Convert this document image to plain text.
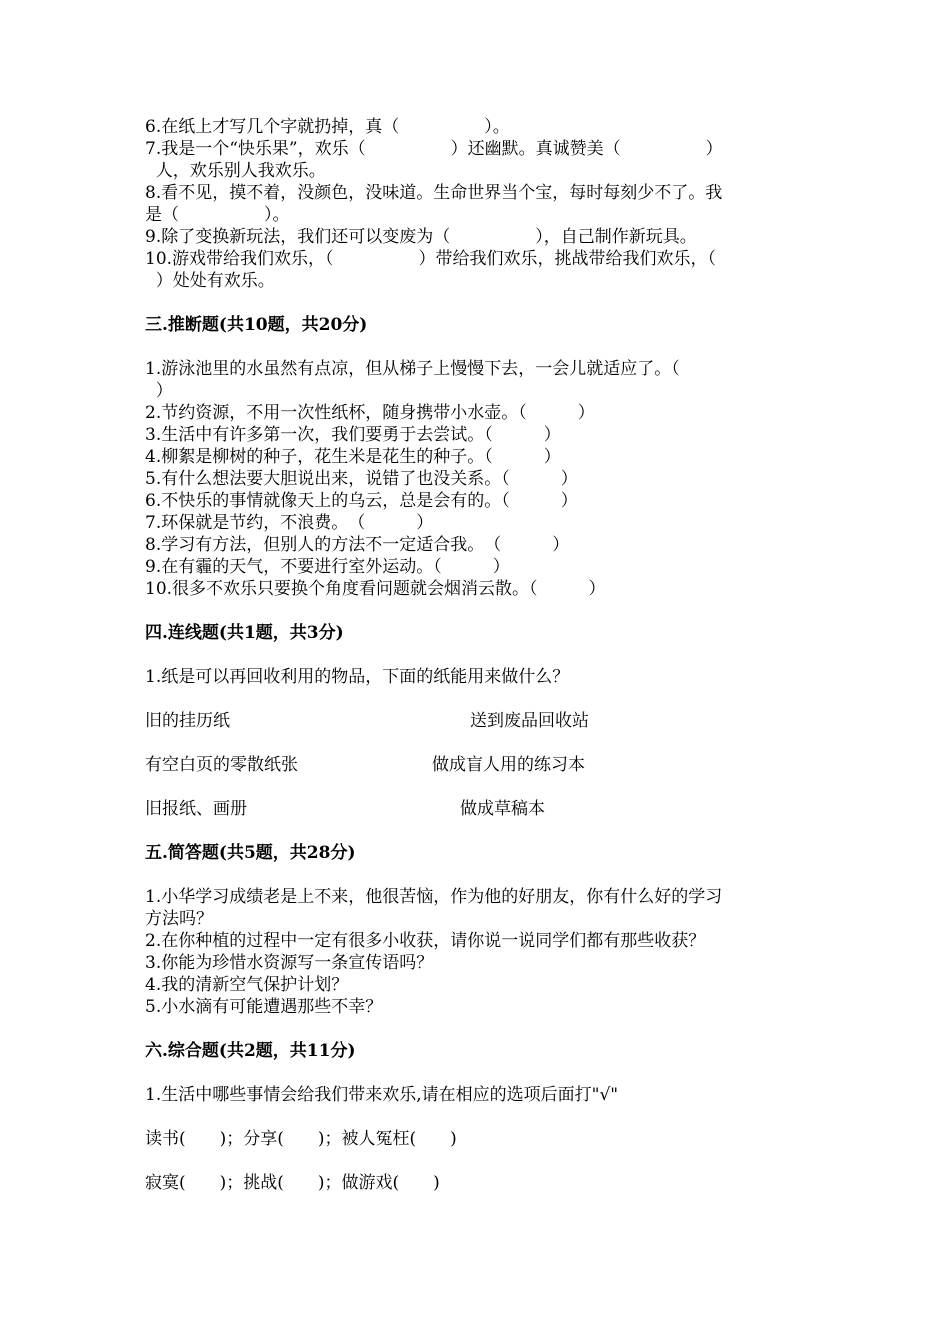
6.在纸上才写几个字就扔掉，真（　　　　　）。
7.我是一个“快乐果”，欢乐（　　　　　）还幽默。真诚赞美（　　　　　）
人，欢乐别人我欢乐。
8.看不见，摸不着，没颜色，没味道。生命世界当个宝，每时每刻少不了。我
是（　　　　　）。
9.除了变换新玩法，我们还可以变废为（　　　　　），自己制作新玩具。
10.游戏带给我们欢乐，（　　　　　）带给我们欢乐，挑战带给我们欢乐，（
）处处有欢乐。
三.推断题(共10题，共20分)
1.游泳池里的水虽然有点凉，但从梯子上慢慢下去，一会儿就适应了。（
）
2.节约资源，不用一次性纸杯，随身携带小水壶。（　　　）
3.生活中有许多第一次，我们要勇于去尝试。（　　　）
4.柳絮是柳树的种子，花生米是花生的种子。（　　　）
5.有什么想法要大胆说出来，说错了也没关系。（　　　）
6.不快乐的事情就像天上的乌云，总是会有的。（　　　）
7.环保就是节约，不浪费。　（　　　）
8.学习有方法，但别人的方法不一定适合我。　（　　　）
9.在有霾的天气，不要进行室外运动。（　　　）
10.很多不欢乐只要换个角度看问题就会烟消云散。（　　　）
四.连线题(共1题，共3分)
1.纸是可以再回收利用的物品，下面的纸能用来做什么？
旧的挂历纸	送到废品回收站
有空白页的零散纸张	做成盲人用的练习本
旧报纸、画册	做成草稿本
五.简答题(共5题，共28分)
1.小华学习成绩老是上不来，他很苦恼，作为他的好朋友，你有什么好的学习
方法吗？
2.在你种植的过程中一定有很多小收获，请你说一说同学们都有那些收获？
3.你能为珍惜水资源写一条宣传语吗？
4.我的清新空气保护计划？
5.小水滴有可能遭遇那些不幸？
六.综合题(共2题，共11分)
1.生活中哪些事情会给我们带来欢乐,请在相应的选项后面打"√"
读书(　　)；分享(　　)；被人冤枉(　　)
寂寞(　　)；挑战(　　)；做游戏(　　)
